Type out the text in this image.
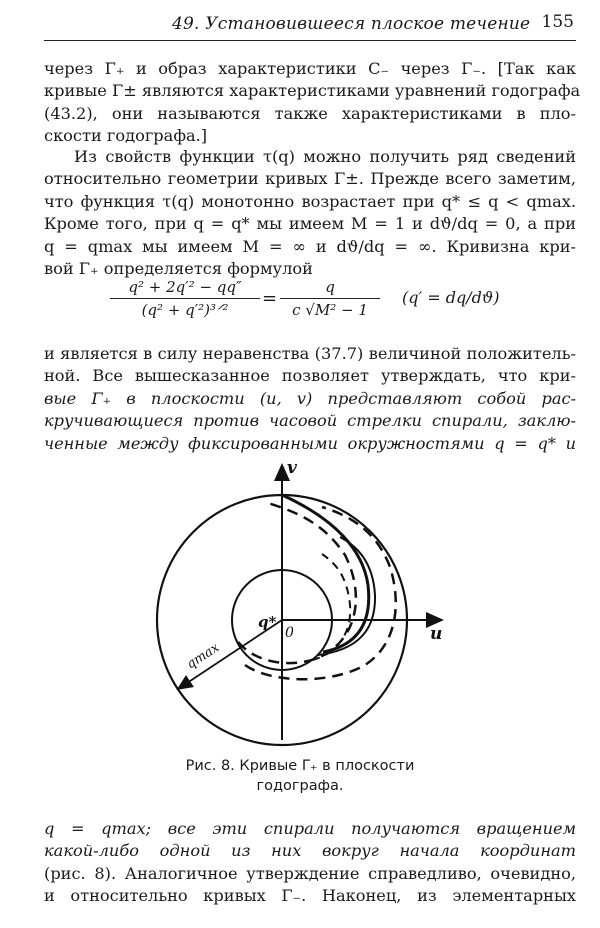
49. Установившееся плоское течение 155
через Γ₊ и образ характеристики C₋ через Γ₋. [Так как
кривые Γ± являются характеристиками уравнений годографа
(43.2), они называются также характеристиками в пло-
скости годографа.]
Из свойств функции τ(q) можно получить ряд сведений
относительно геометрии кривых Γ±. Прежде всего заметим,
что функция τ(q) монотонно возрастает при q* ≤ q < qmax.
Кроме того, при q = q* мы имеем M = 1 и dϑ/dq = 0, а при
q = qmax мы имеем M = ∞ и dϑ/dq = ∞. Кривизна кри-
вой Γ₊ определяется формулой
q² + 2q′² − qq″
(q² + q′²)³ᐟ²
= $\frac{q}{\text{c √M² − 1}} (q' = dq/dϑ)$
и является в силу неравенства (37.7) величиной положитель-
ной. Все вышесказанное позволяет утверждать, что кри-
вые Γ₊ в плоскости (u, v) представляют собой рас-
кручивающиеся против часовой стрелки спирали, заклю-
ченные между фиксированными окружностями q = q* и
v
u
0
q*
qmax
Рис. 8. Кривые Γ₊ в плоскости
годографа.
q = qmax; все эти спирали получаются вращением
какой-либо одной из них вокруг начала координат
(рис. 8). Аналогичное утверждение справедливо, очевидно,
и относительно кривых Γ₋. Наконец, из элементарных
